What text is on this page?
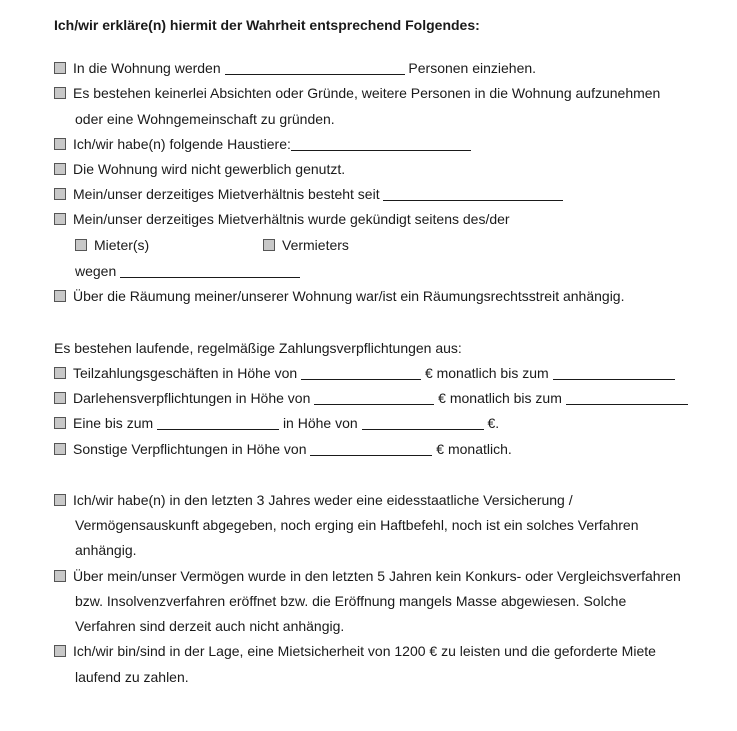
Ich/wir erkläre(n) hiermit der Wahrheit entsprechend Folgendes:
In die Wohnung werden	Personen einziehen.
Es bestehen keinerlei Absichten oder Gründe, weitere Personen in die Wohnung aufzunehmen
oder eine Wohngemeinschaft zu gründen.
Ich/wir habe(n) folgende Haustiere:
Die Wohnung wird nicht gewerblich genutzt.
Mein/unser derzeitiges Mietverhältnis besteht seit
Mein/unser derzeitiges Mietverhältnis wurde gekündigt seitens des/der
Mieter(s)	Vermieters
wegen
Über die Räumung meiner/unserer Wohnung war/ist ein Räumungsrechtsstreit anhängig.
Es bestehen laufende, regelmäßige Zahlungsverpflichtungen aus:
Teilzahlungsgeschäften in Höhe von	€ monatlich bis zum
Darlehensverpflichtungen in Höhe von	€ monatlich bis zum
Eine bis zum	in Höhe von	€.
Sonstige Verpflichtungen in Höhe von	€ monatlich.
Ich/wir habe(n) in den letzten 3 Jahres weder eine eidesstaatliche Versicherung /
Vermögensauskunft abgegeben, noch erging ein Haftbefehl, noch ist ein solches Verfahren
anhängig.
Über mein/unser Vermögen wurde in den letzten 5 Jahren kein Konkurs- oder Vergleichsverfahren
bzw. Insolvenzverfahren eröffnet bzw. die Eröffnung mangels Masse abgewiesen. Solche
Verfahren sind derzeit auch nicht anhängig.
Ich/wir bin/sind in der Lage, eine Mietsicherheit von 1200 € zu leisten und die geforderte Miete
laufend zu zahlen.
